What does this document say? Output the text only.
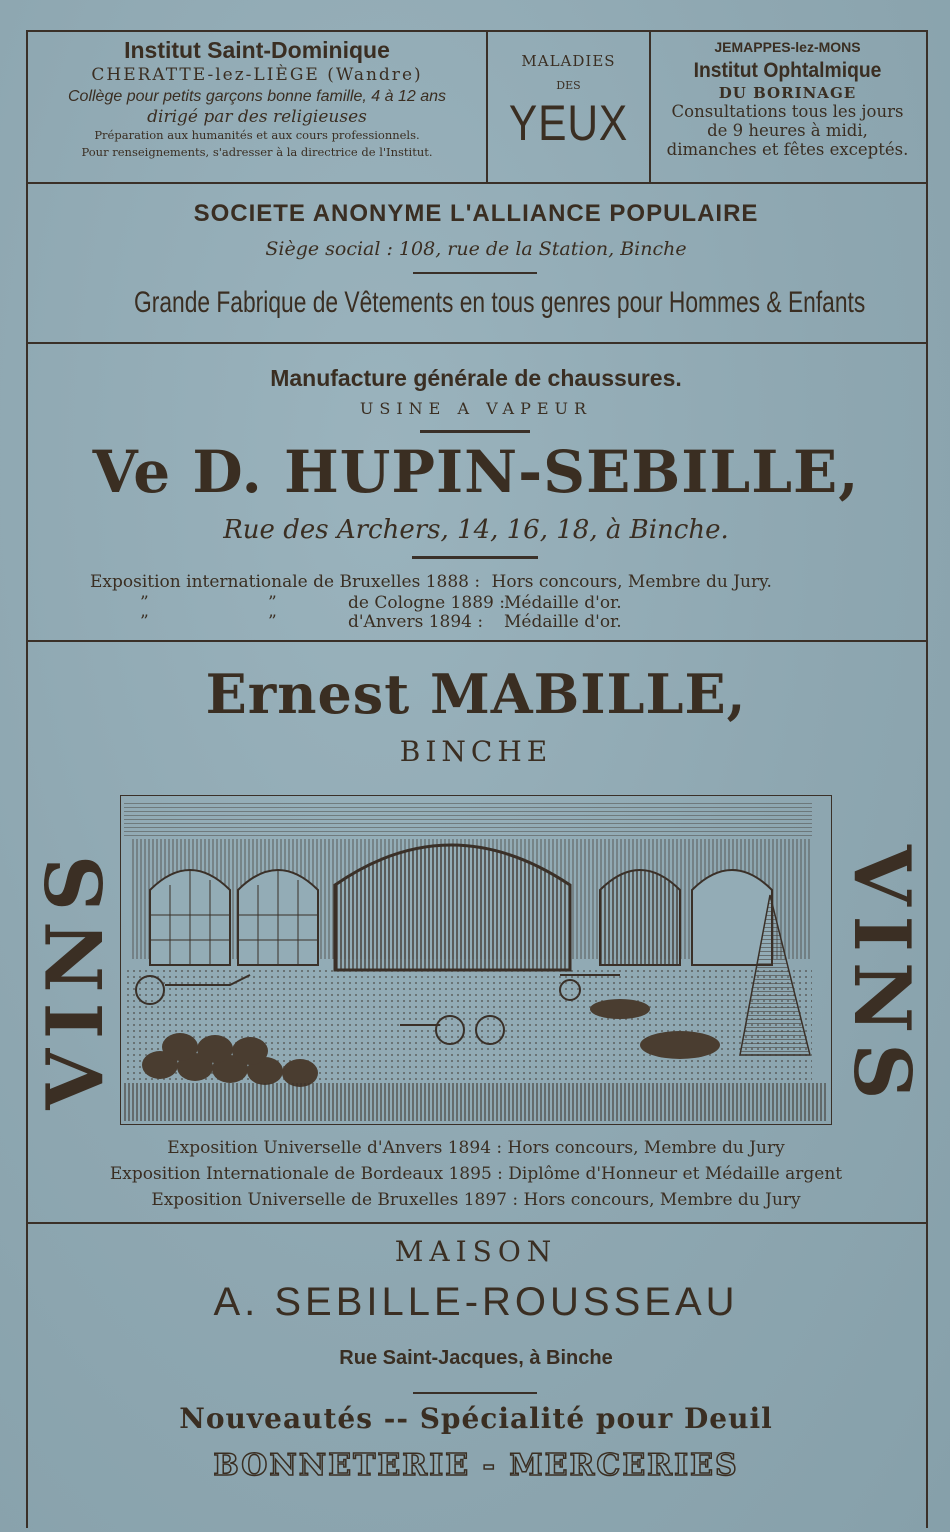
Institut Saint-Dominique
CHERATTE-lez-LIÈGE (Wandre)
Collège pour petits garçons bonne famille, 4 à 12 ans
dirigé par des religieuses
Préparation aux humanités et aux cours professionnels.
Pour renseignements, s'adresser à la directrice de l'Institut.
MALADIES
DES
YEUX
JEMAPPES-lez-MONS
Institut Ophtalmique
DU BORINAGE
Consultations tous les jours
de 9 heures à midi,
dimanches et fêtes exceptés.
SOCIETE ANONYME L'ALLIANCE POPULAIRE
Siège social : 108, rue de la Station, Binche
Grande Fabrique de Vêtements en tous genres pour Hommes & Enfants
Manufacture générale de chaussures.
USINE A VAPEUR
Ve D. HUPIN-SEBILLE,
Rue des Archers, 14, 16, 18, à Binche.
Exposition internationale de Bruxelles 1888 : Hors concours, Membre du Jury.
”	”	de Cologne 1889 : Médaille d'or.
”	”	d'Anvers 1894 : Médaille d'or.
Ernest MABILLE,
BINCHE
VINS	VINS
Exposition Universelle d'Anvers 1894 : Hors concours, Membre du Jury
Exposition Internationale de Bordeaux 1895 : Diplôme d'Honneur et Médaille argent
Exposition Universelle de Bruxelles 1897 : Hors concours, Membre du Jury
MAISON
A. SEBILLE-ROUSSEAU
Rue Saint-Jacques, à Binche
Nouveautés -- Spécialité pour Deuil
BONNETERIE - MERCERIES
